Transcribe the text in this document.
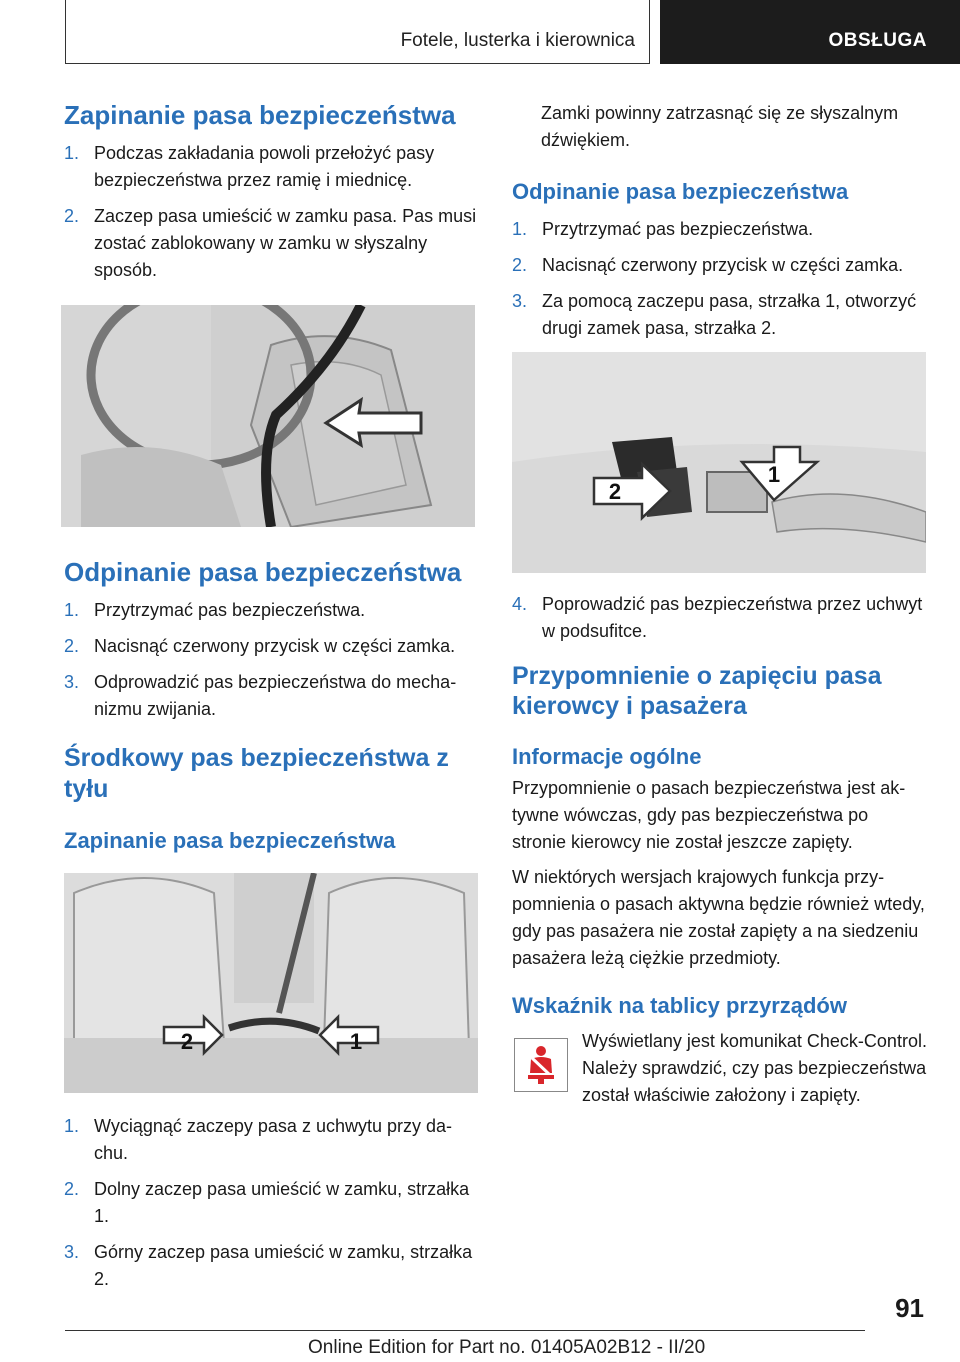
Fotele, lusterka i kierownica	OBSŁUGA
Zapinanie pasa bezpieczeństwa
1. Podczas zakładania powoli przełożyć pasy bezpieczeństwa przez ramię i miednicę.
2. Zaczep pasa umieścić w zamku pasa. Pas musi zostać zablokowany w zamku w słyszalny sposób.
Odpinanie pasa bezpieczeństwa
1. Przytrzymać pas bezpieczeństwa.
2. Nacisnąć czerwony przycisk w części zamka.
3. Odprowadzić pas bezpieczeństwa do mechanizmu zwijania.
Środkowy pas bezpieczeństwa z tyłu
Zapinanie pasa bezpieczeństwa
2	1
1. Wyciągnąć zaczepy pasa z uchwytu przy dachu.
2. Dolny zaczep pasa umieścić w zamku, strzałka 1.
3. Górny zaczep pasa umieścić w zamku, strzałka 2.

Zamki powinny zatrzasnąć się ze słyszalnym dźwiękiem.

Odpinanie pasa bezpieczeństwa
1. Przytrzymać pas bezpieczeństwa.
2. Nacisnąć czerwony przycisk w części zamka.
3. Za pomocą zaczepu pasa, strzałka 1, otworzyć drugi zamek pasa, strzałka 2.
2
1
4. Poprowadzić pas bezpieczeństwa przez uchwyt w podsufitce.
Przypomnienie o zapięciu pasa kierowcy i pasażera
Informacje ogólne

Przypomnienie o pasach bezpieczeństwa jest aktywne wówczas, gdy pas bezpieczeństwa po stronie kierowcy nie został jeszcze zapięty.

W niektórych wersjach krajowych funkcja przypomnienia o pasach aktywna będzie również wtedy, gdy pas pasażera nie został zapięty a na siedzeniu pasażera leżą ciężkie przedmioty.

Wskaźnik na tablicy przyrządów

Wyświetlany jest komunikat Check-Control. Należy sprawdzić, czy pas bezpieczeństwa został właściwie założony i zapięty.

91
Online Edition for Part no. 01405A02B12 - II/20
